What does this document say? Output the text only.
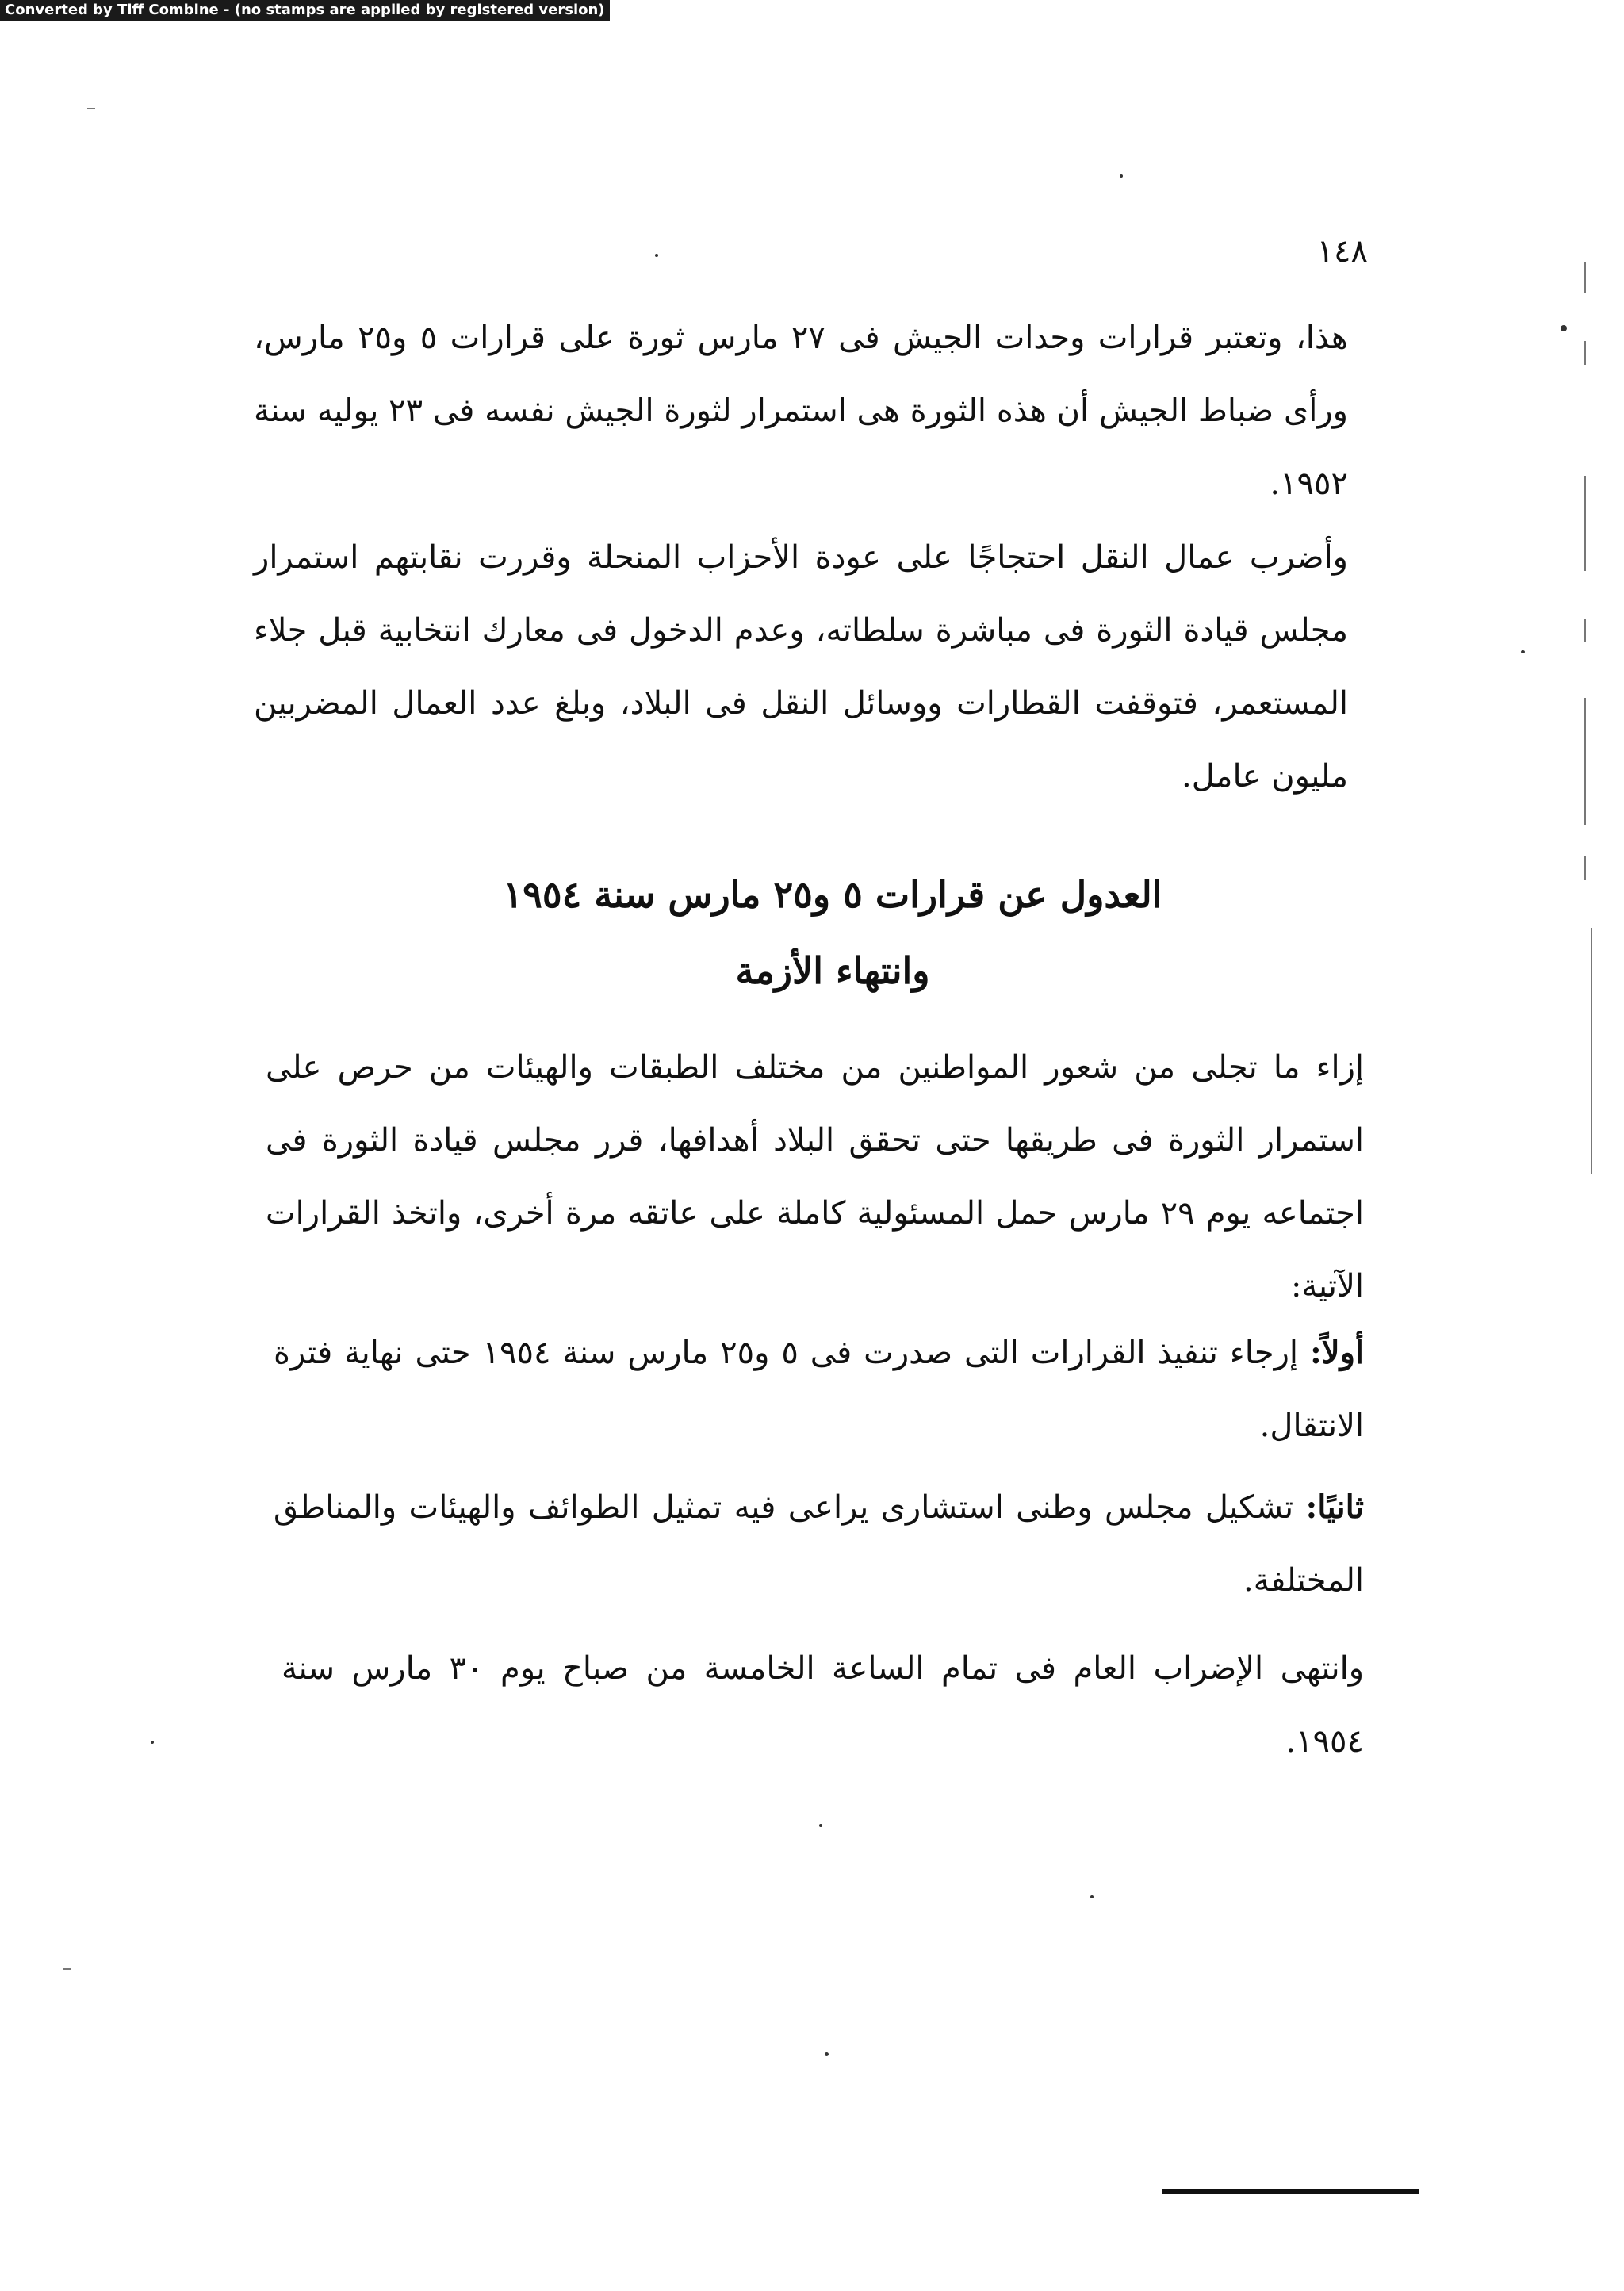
Converted by Tiff Combine - (no stamps are applied by registered version)
١٤٨
هذا، وتعتبر قرارات وحدات الجيش فى ٢٧ مارس ثورة على قرارات ٥ و٢٥ مارس، ورأى ضباط الجيش أن هذه الثورة هى استمرار لثورة الجيش نفسه فى ٢٣ يوليه سنة ١٩٥٢.
وأضرب عمال النقل احتجاجًا على عودة الأحزاب المنحلة وقررت نقابتهم استمرار مجلس قيادة الثورة فى مباشرة سلطاته، وعدم الدخول فى معارك انتخابية قبل جلاء المستعمر، فتوقفت القطارات ووسائل النقل فى البلاد، وبلغ عدد العمال المضربين مليون عامل.
العدول عن قرارات ٥ و٢٥ مارس سنة ١٩٥٤
وانتهاء الأزمة
إزاء ما تجلى من شعور المواطنين من مختلف الطبقات والهيئات من حرص على استمرار الثورة فى طريقها حتى تحقق البلاد أهدافها، قرر مجلس قيادة الثورة فى اجتماعه يوم ٢٩ مارس حمل المسئولية كاملة على عاتقه مرة أخرى، واتخذ القرارات الآتية:
أولاً: إرجاء تنفيذ القرارات التى صدرت فى ٥ و٢٥ مارس سنة ١٩٥٤ حتى نهاية فترة الانتقال.
ثانيًا: تشكيل مجلس وطنى استشارى يراعى فيه تمثيل الطوائف والهيئات والمناطق المختلفة.
وانتهى الإضراب العام فى تمام الساعة الخامسة من صباح يوم ٣٠ مارس سنة ١٩٥٤.
